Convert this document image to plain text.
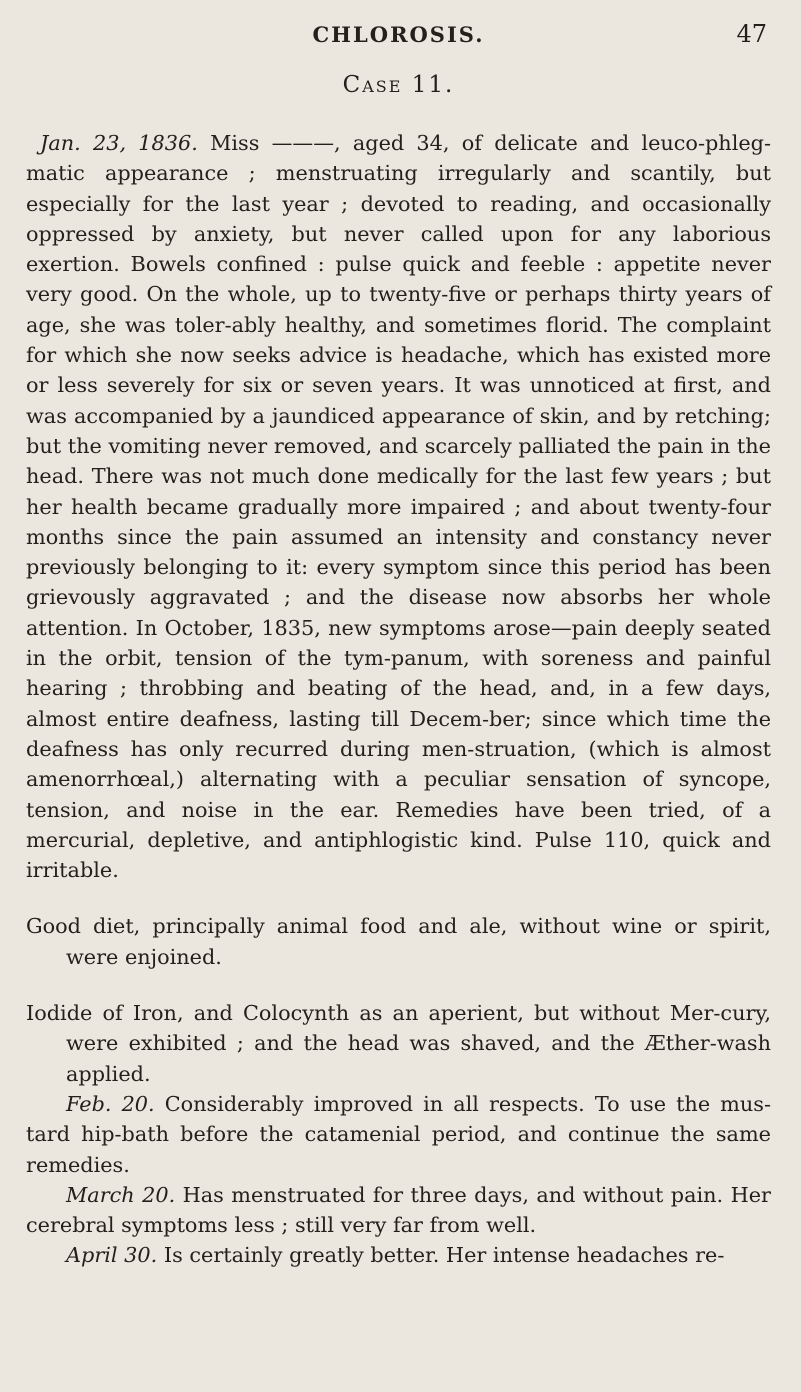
CHLOROSIS.	47
Case 11.

Jan. 23, 1836. Miss ———, aged 34, of delicate and leuco-phleg-matic appearance ; menstruating irregularly and scantily, but especially for the last year ; devoted to reading, and occasionally oppressed by anxiety, but never called upon for any laborious exertion. Bowels confined : pulse quick and feeble : appetite never very good. On the whole, up to twenty-five or perhaps thirty years of age, she was toler-ably healthy, and sometimes florid. The complaint for which she now seeks advice is headache, which has existed more or less severely for six or seven years. It was unnoticed at first, and was accompanied by a jaundiced appearance of skin, and by retching; but the vomiting never removed, and scarcely palliated the pain in the head. There was not much done medically for the last few years ; but her health became gradually more impaired ; and about twenty-four months since the pain assumed an intensity and constancy never previously belonging to it: every symptom since this period has been grievously aggravated ; and the disease now absorbs her whole attention. In October, 1835, new symptoms arose—pain deeply seated in the orbit, tension of the tym-panum, with soreness and painful hearing ; throbbing and beating of the head, and, in a few days, almost entire deafness, lasting till Decem-ber; since which time the deafness has only recurred during men-struation, (which is almost amenorrhœal,) alternating with a peculiar sensation of syncope, tension, and noise in the ear. Remedies have been tried, of a mercurial, depletive, and antiphlogistic kind. Pulse 110, quick and irritable.

Good diet, principally animal food and ale, without wine or spirit, were enjoined.

Iodide of Iron, and Colocynth as an aperient, but without Mer-cury, were exhibited ; and the head was shaved, and the Æther-wash applied.

Feb. 20. Considerably improved in all respects. To use the mus-tard hip-bath before the catamenial period, and continue the same remedies.

March 20. Has menstruated for three days, and without pain. Her cerebral symptoms less ; still very far from well.

April 30. Is certainly greatly better. Her intense headaches re-
